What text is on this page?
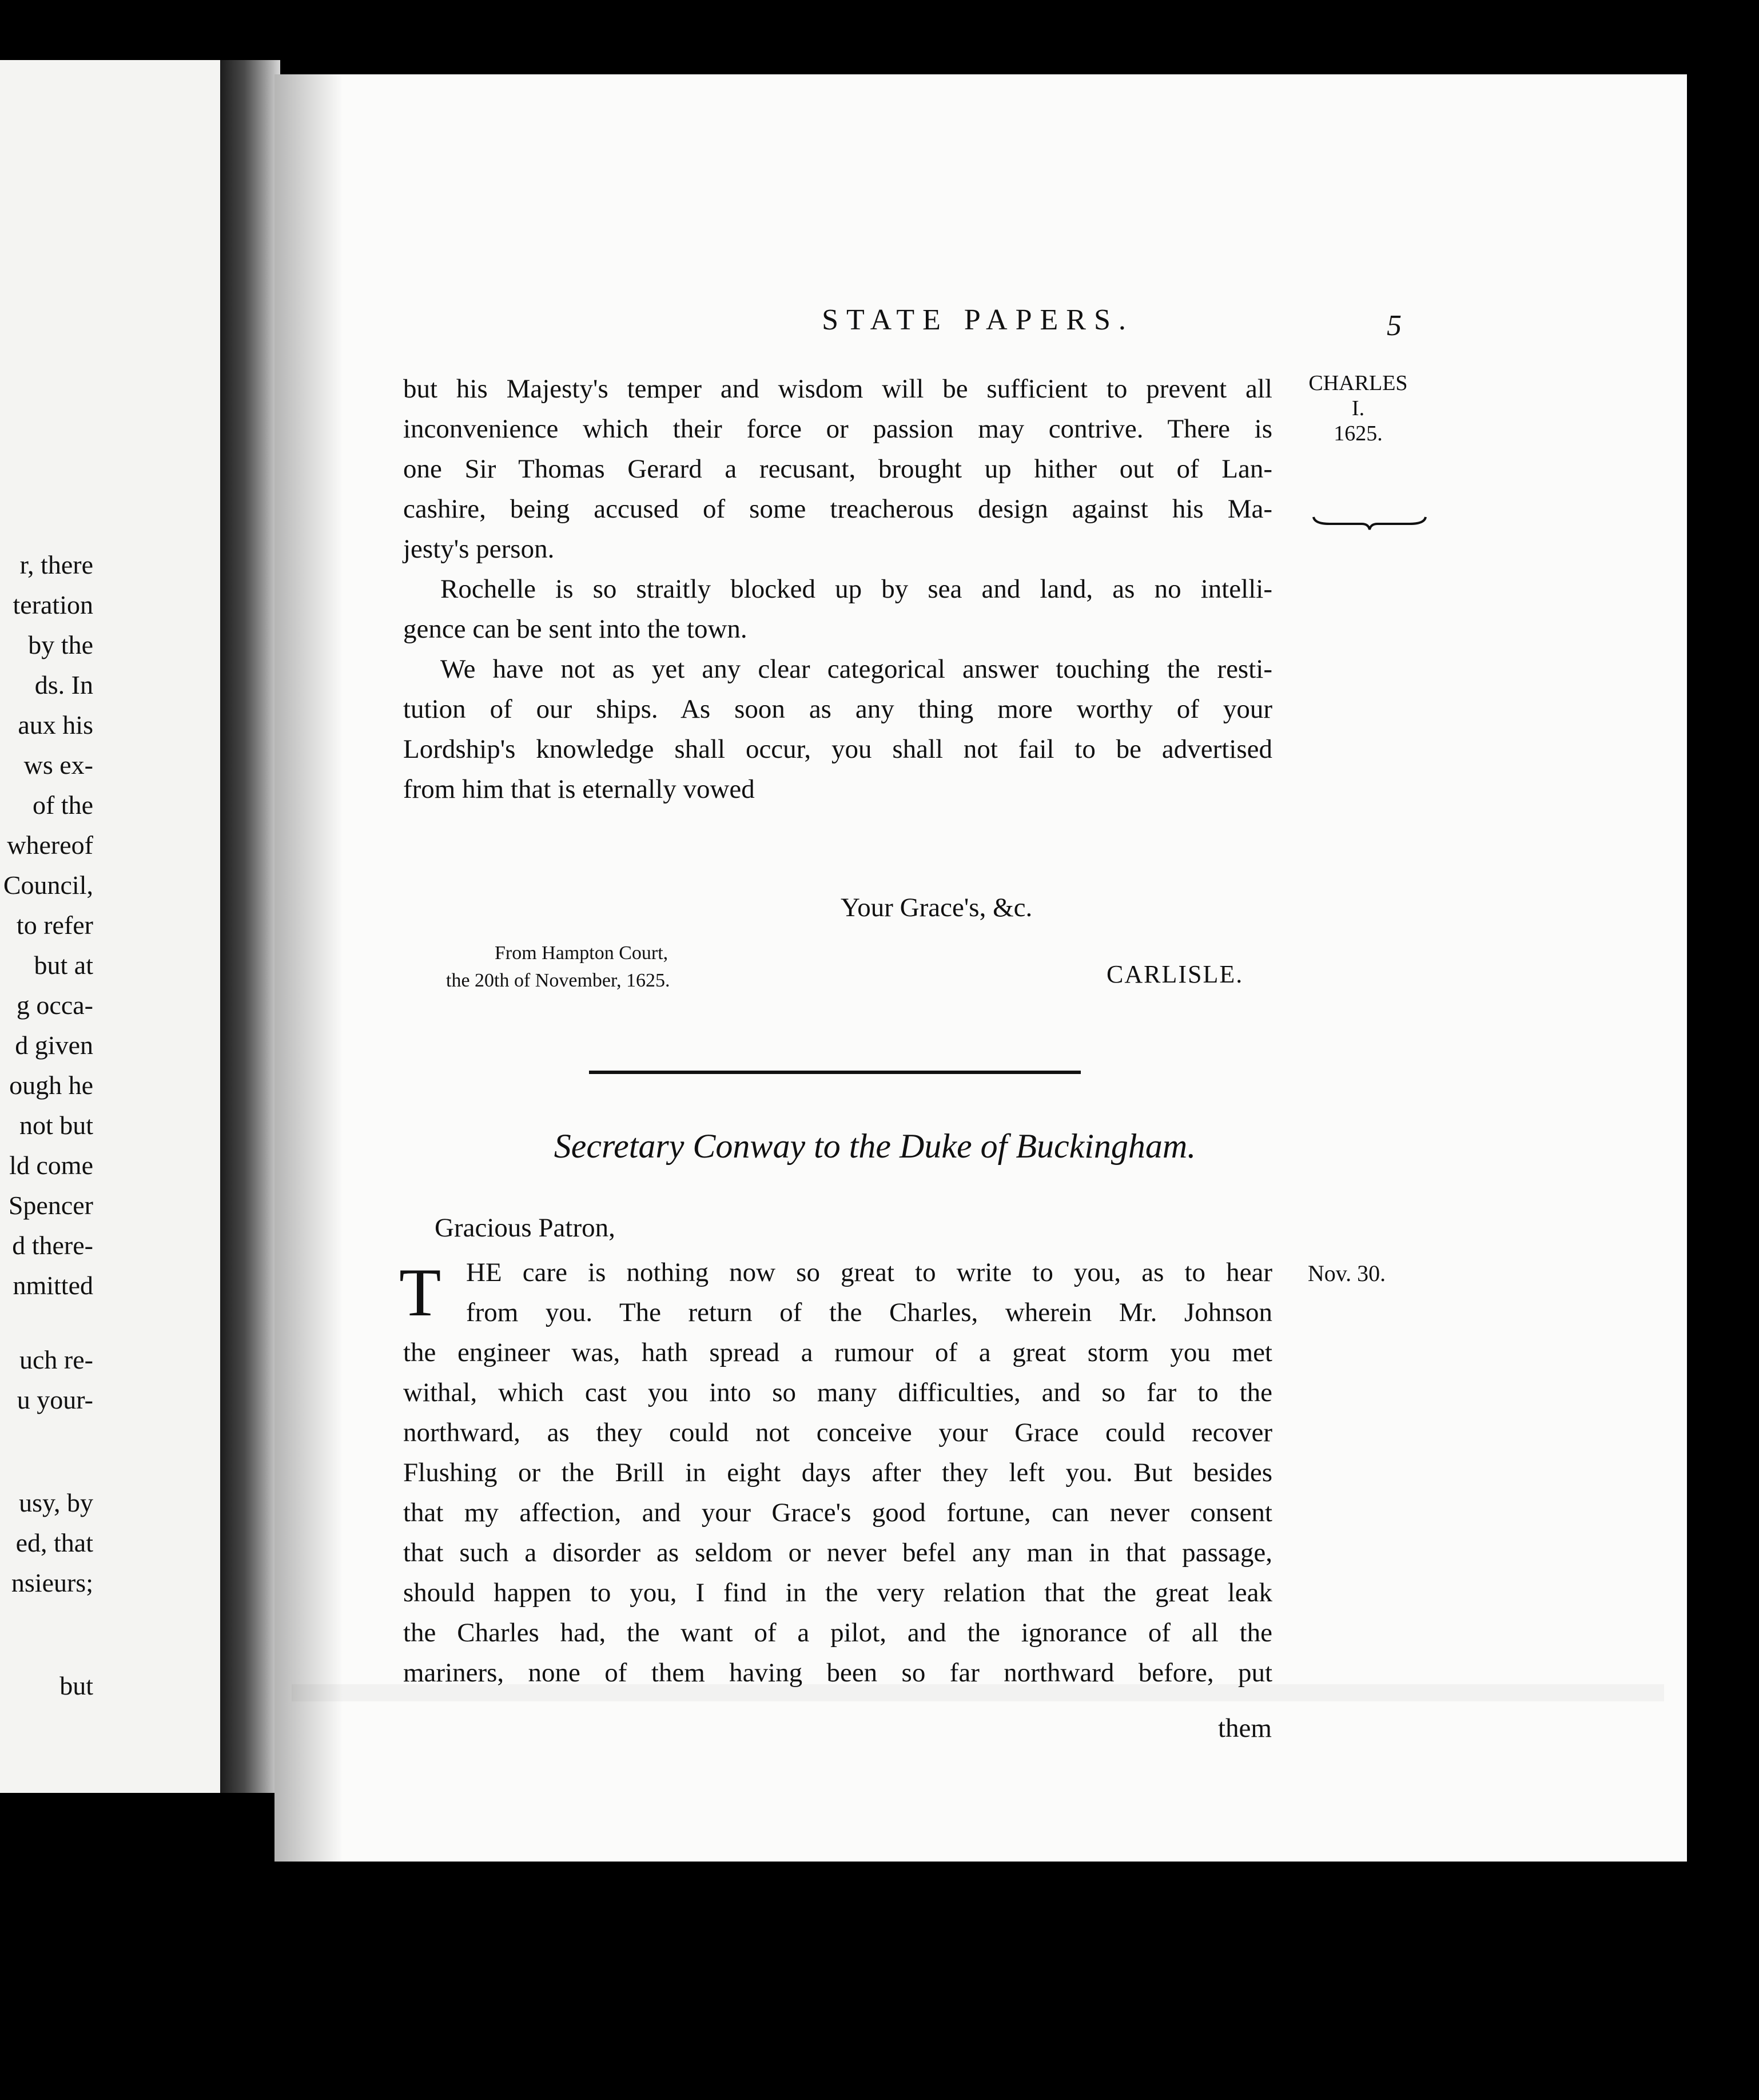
r, there
teration
by the
ds. In
aux his
ws ex-
of the
whereof
Council,
to refer
but at
g occa-
d given
ough he
not but
ld come
Spencer
d there-
nmitted
uch re-
u your-
usy, by
ed, that
nsieurs;
but
STATE PAPERS.	5
CHARLES
I.
1625.
but his Majesty's temper and wisdom will be sufficient to prevent all
inconvenience which their force or passion may contrive. There is
one Sir Thomas Gerard a recusant, brought up hither out of Lan-
cashire, being accused of some treacherous design against his Ma-
jesty's person.
Rochelle is so straitly blocked up by sea and land, as no intelli-
gence can be sent into the town.
We have not as yet any clear categorical answer touching the resti-
tution of our ships. As soon as any thing more worthy of your
Lordship's knowledge shall occur, you shall not fail to be advertised
from him that is eternally vowed
Your Grace's, &c.
From Hampton Court,
the 20th of November, 1625.	CARLISLE.
Secretary Conway to the Duke of Buckingham.
Gracious Patron,
T	Nov. 30.
HE care is nothing now so great to write to you, as to hear
from you. The return of the Charles, wherein Mr. Johnson
the engineer was, hath spread a rumour of a great storm you met
withal, which cast you into so many difficulties, and so far to the
northward, as they could not conceive your Grace could recover
Flushing or the Brill in eight days after they left you. But besides
that my affection, and your Grace's good fortune, can never consent
that such a disorder as seldom or never befel any man in that passage,
should happen to you, I find in the very relation that the great leak
the Charles had, the want of a pilot, and the ignorance of all the
mariners, none of them having been so far northward before, put
them
